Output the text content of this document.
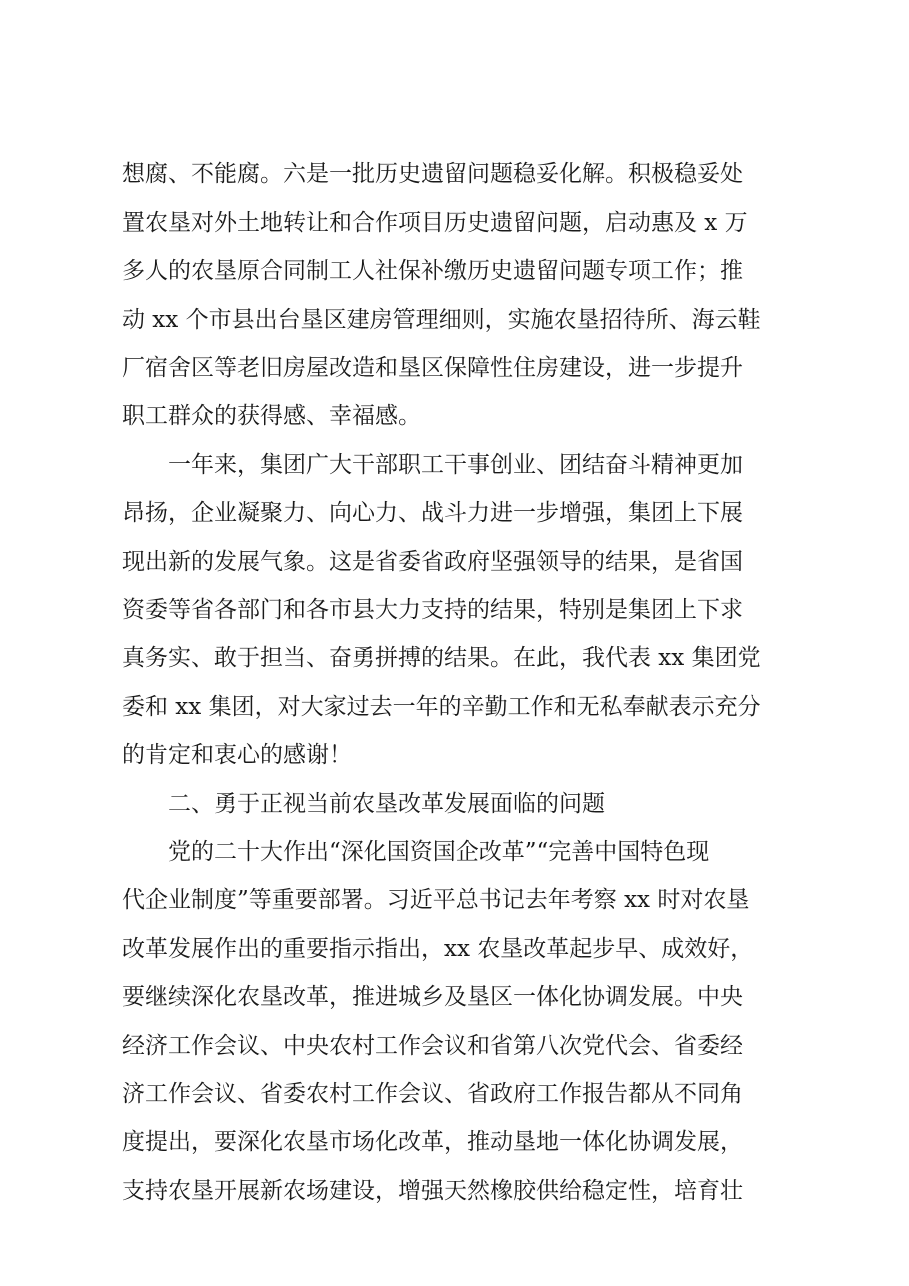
想腐、不能腐。六是一批历史遗留问题稳妥化解。积极稳妥处
置农垦对外土地转让和合作项目历史遗留问题，启动惠及 x 万
多人的农垦原合同制工人社保补缴历史遗留问题专项工作；推
动 xx 个市县出台垦区建房管理细则，实施农垦招待所、海云鞋
厂宿舍区等老旧房屋改造和垦区保障性住房建设，进一步提升
职工群众的获得感、幸福感。
　　一年来，集团广大干部职工干事创业、团结奋斗精神更加
昂扬，企业凝聚力、向心力、战斗力进一步增强，集团上下展
现出新的发展气象。这是省委省政府坚强领导的结果，是省国
资委等省各部门和各市县大力支持的结果，特别是集团上下求
真务实、敢于担当、奋勇拼搏的结果。在此，我代表 xx 集团党
委和 xx 集团，对大家过去一年的辛勤工作和无私奉献表示充分
的肯定和衷心的感谢！
　　二、勇于正视当前农垦改革发展面临的问题
　　党的二十大作出“深化国资国企改革”“完善中国特色现
代企业制度”等重要部署。习近平总书记去年考察 xx 时对农垦
改革发展作出的重要指示指出，xx 农垦改革起步早、成效好，
要继续深化农垦改革，推进城乡及垦区一体化协调发展。中央
经济工作会议、中央农村工作会议和省第八次党代会、省委经
济工作会议、省委农村工作会议、省政府工作报告都从不同角
度提出，要深化农垦市场化改革，推动垦地一体化协调发展，
支持农垦开展新农场建设，增强天然橡胶供给稳定性，培育壮
